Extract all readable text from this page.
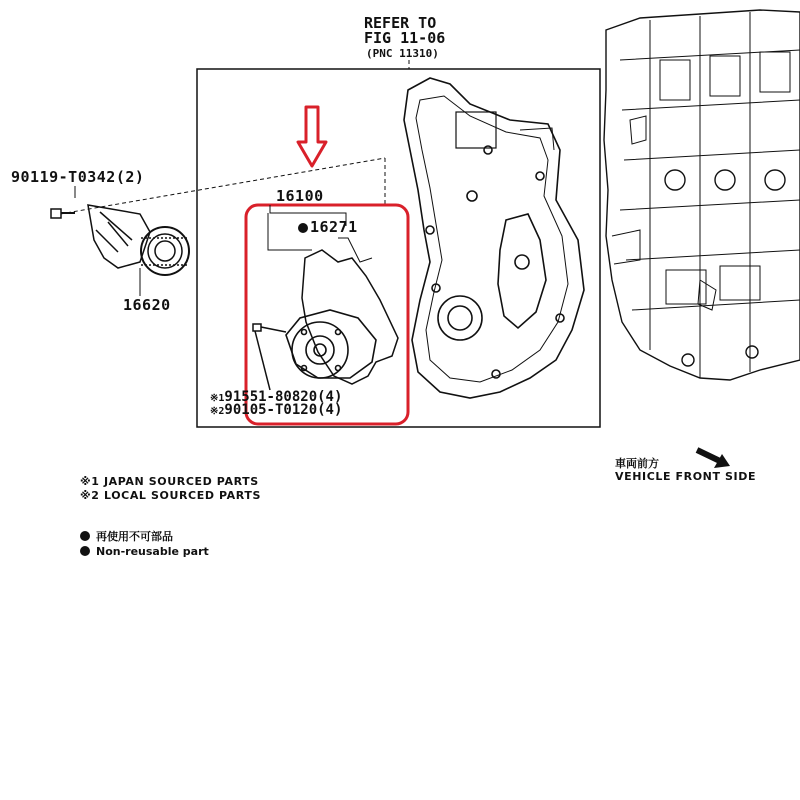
REFER TO
FIG 11-06
(PNC 11310)
90119-T0342(2)
16620
16100
16271
※191551-80820(4)
※290105-T0120(4)
車両前方
VEHICLE FRONT SIDE
※1 JAPAN SOURCED PARTS
※2 LOCAL SOURCED PARTS
再使用不可部品
Non-reusable part
